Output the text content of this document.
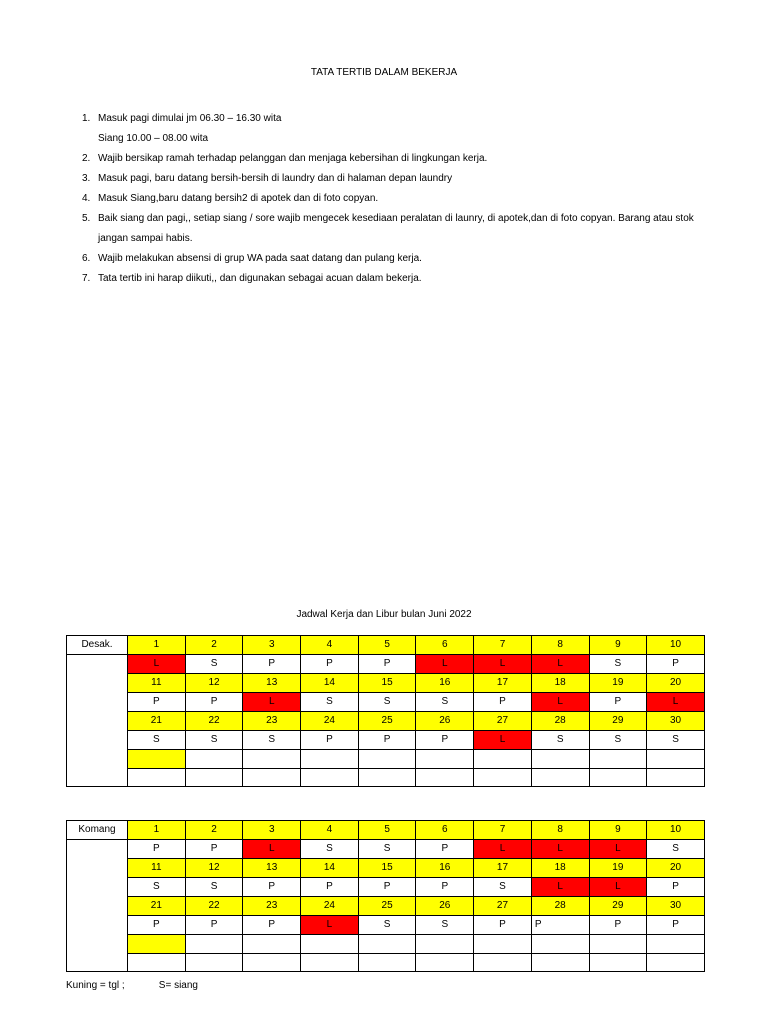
TATA TERTIB DALAM BEKERJA
1. Masuk pagi dimulai jm 06.30 – 16.30 wita
Siang 10.00 – 08.00 wita
2. Wajib bersikap ramah terhadap pelanggan dan menjaga kebersihan di lingkungan kerja.
3. Masuk pagi, baru datang bersih-bersih di laundry dan di halaman depan laundry
4. Masuk Siang,baru datang bersih2 di apotek dan di foto copyan.
5. Baik siang dan pagi,, setiap siang / sore wajib mengecek kesediaan peralatan di launry, di apotek,dan di foto copyan. Barang atau stok
jangan sampai habis.
6. Wajib melakukan absensi di grup WA pada saat datang dan pulang kerja.
7. Tata tertib ini harap diikuti,, dan digunakan sebagai acuan dalam bekerja.
Jadwal Kerja dan Libur bulan Juni 2022
Desak.	1	2	3	4	5	6	7	8	9	10
	L	S	P	P	P	L	L	L	S	P
	11	12	13	14	15	16	17	18	19	20
	P	P	L	S	S	S	P	L	P	L
	21	22	23	24	25	26	27	28	29	30
	S	S	S	P	P	P	L	S	S	S

Komang	1	2	3	4	5	6	7	8	9	10
	P	P	L	S	S	P	L	L	L	S
	11	12	13	14	15	16	17	18	19	20
	S	S	P	P	P	P	S	L	L	P
	21	22	23	24	25	26	27	28	29	30
	P	P	P	L	S	S	P	P	P	P

Kuning = tgl ;	S= siang
